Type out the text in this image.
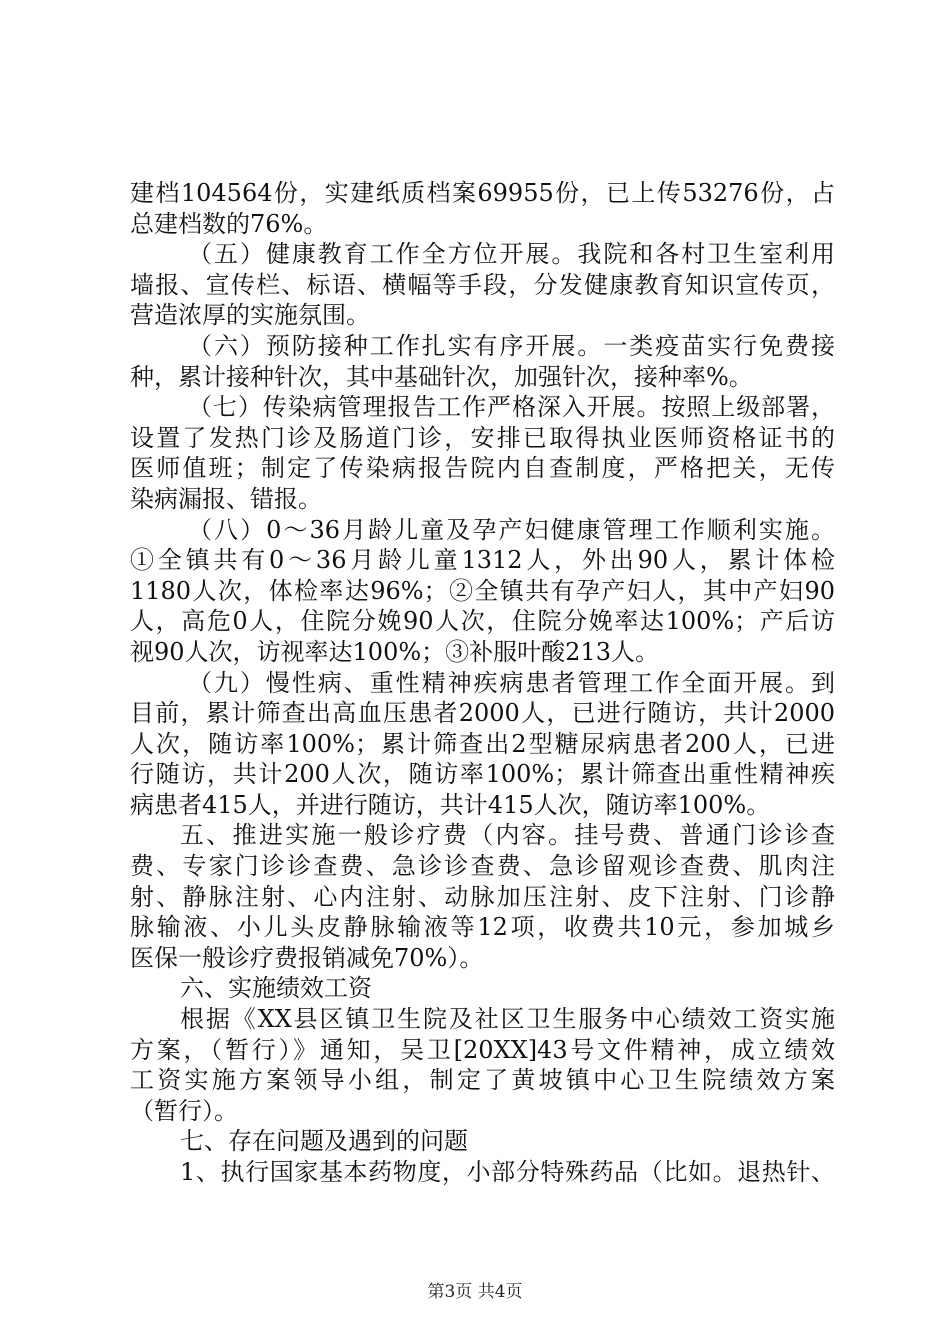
建档104564份，实建纸质档案69955份，已上传53276份，占
总建档数的76%。
（五）健康教育工作全方位开展。我院和各村卫生室利用
墙报、宣传栏、标语、横幅等手段，分发健康教育知识宣传页，
营造浓厚的实施氛围。
（六）预防接种工作扎实有序开展。一类疫苗实行免费接
种，累计接种针次，其中基础针次，加强针次，接种率%。
（七）传染病管理报告工作严格深入开展。按照上级部署，
设置了发热门诊及肠道门诊，安排已取得执业医师资格证书的
医师值班；制定了传染病报告院内自查制度，严格把关，无传
染病漏报、错报。
（八）0～36月龄儿童及孕产妇健康管理工作顺利实施。
①全镇共有0～36月龄儿童1312人，外出90人，累计体检
1180人次，体检率达96%；②全镇共有孕产妇人，其中产妇90
人，高危0人，住院分娩90人次，住院分娩率达100%；产后访
视90人次，访视率达100%；③补服叶酸213人。
（九）慢性病、重性精神疾病患者管理工作全面开展。到
目前，累计筛查出高血压患者2000人，已进行随访，共计2000
人次，随访率100%；累计筛查出2型糖尿病患者200人，已进
行随访，共计200人次，随访率100%；累计筛查出重性精神疾
病患者415人，并进行随访，共计415人次，随访率100%。
五、推进实施一般诊疗费（内容。挂号费、普通门诊诊查
费、专家门诊诊查费、急诊诊查费、急诊留观诊查费、肌肉注
射、静脉注射、心内注射、动脉加压注射、皮下注射、门诊静
脉输液、小儿头皮静脉输液等12项，收费共10元，参加城乡
医保一般诊疗费报销减免70%）。
六、实施绩效工资
根据《XX县区镇卫生院及社区卫生服务中心绩效工资实施
方案，（暂行）》通知，吴卫[20XX]43号文件精神，成立绩效
工资实施方案领导小组，制定了黄坡镇中心卫生院绩效方案
（暂行）。
七、存在问题及遇到的问题
1、执行国家基本药物度，小部分特殊药品（比如。退热针、
第3页 共4页
